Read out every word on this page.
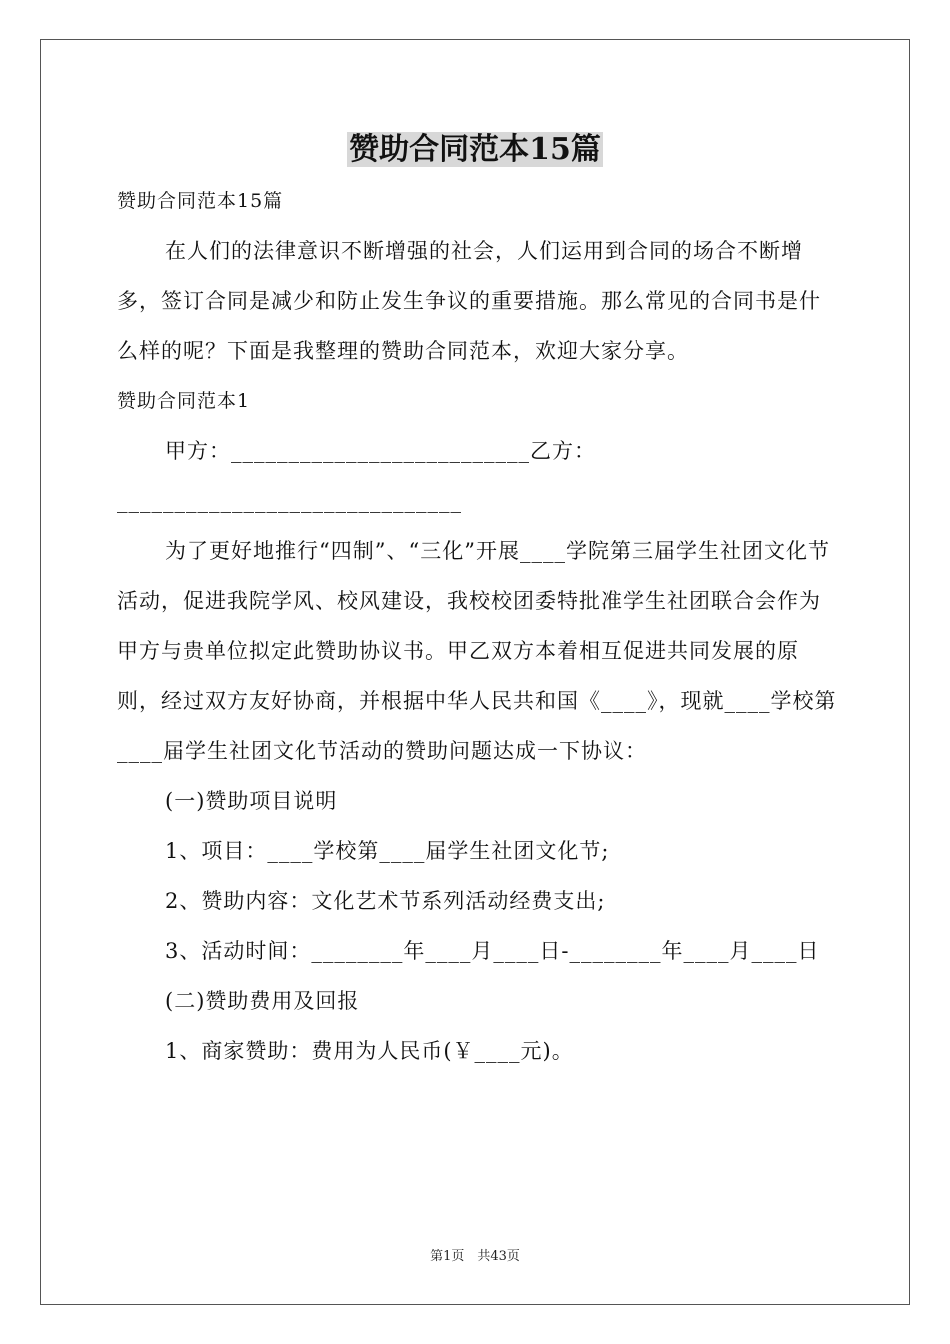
赞助合同范本15篇

赞助合同范本15篇

在人们的法律意识不断增强的社会，人们运用到合同的场合不断增多，签订合同是减少和防止发生争议的重要措施。那么常见的合同书是什么样的呢？下面是我整理的赞助合同范本，欢迎大家分享。

赞助合同范本1

甲方：__________________________乙方：______________________________

为了更好地推行“四制”、“三化”开展____学院第三届学生社团文化节活动，促进我院学风、校风建设，我校校团委特批准学生社团联合会作为甲方与贵单位拟定此赞助协议书。甲乙双方本着相互促进共同发展的原则，经过双方友好协商，并根据中华人民共和国《____》，现就____学校第____届学生社团文化节活动的赞助问题达成一下协议：

(一)赞助项目说明

1、项目：____学校第____届学生社团文化节;

2、赞助内容：文化艺术节系列活动经费支出;

3、活动时间：________年____月____日-________年____月____日

(二)赞助费用及回报

1、商家赞助：费用为人民币(￥____元)。

第1页　共43页
